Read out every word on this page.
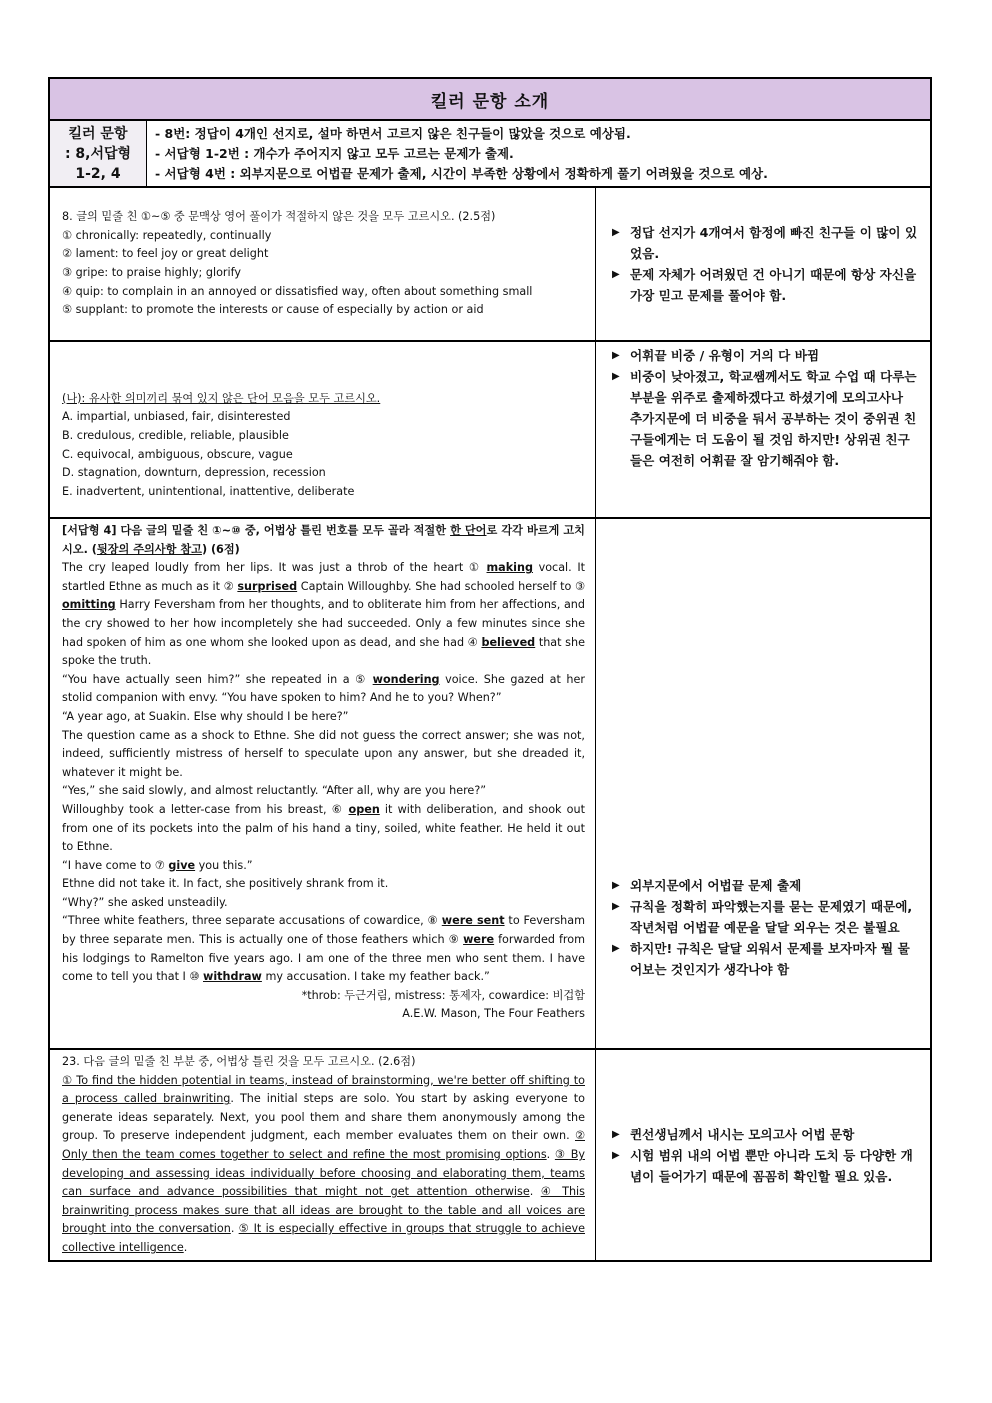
킬러 문항 소개
킬러 문항
: 8,서답형
1-2, 4

- 8번: 정답이 4개인 선지로, 설마 하면서 고르지 않은 친구들이 많았을 것으로 예상됨.

- 서답형 1-2번 : 개수가 주어지지 않고 모두 고르는 문제가 출제.

- 서답형 4번 : 외부지문으로 어법끝 문제가 출제, 시간이 부족한 상황에서 정확하게 풀기 어려웠을 것으로 예상.

8. 글의 밑줄 친 ①~⑤ 중 문맥상 영어 풀이가 적절하지 않은 것을 모두 고르시오. (2.5점)

① chronically: repeatedly, continually

② lament: to feel joy or great delight

③ gripe: to praise highly; glorify

④ quip: to complain in an annoyed or dissatisfied way, often about something small

⑤ supplant: to promote the interests or cause of especially by action or aid

▶ 정답 선지가 4개여서 함정에 빠진 친구들 이 많이 있었음.
▶ 문제 자체가 어려웠던 건 아니기 때문에 항상 자신을 가장 믿고 문제를 풀어야 함.

(나): 유사한 의미끼리 묶여 있지 않은 단어 모음을 모두 고르시오.

A. impartial, unbiased, fair, disinterested

B. credulous, credible, reliable, plausible

C. equivocal, ambiguous, obscure, vague

D. stagnation, downturn, depression, recession

E. inadvertent, unintentional, inattentive, deliberate

▶ 어휘끝 비중 / 유형이 거의 다 바뀜
▶ 비중이 낮아졌고, 학교쌤께서도 학교 수업 때 다루는 부분을 위주로 출제하겠다고 하셨기에 모의고사나 추가지문에 더 비중을 둬서 공부하는 것이 중위권 친구들에게는 더 도움이 될 것임 하지만! 상위권 친구들은 여전히 어휘끝 잘 암기해줘야 함.

[서답형 4] 다음 글의 밑줄 친 ①~⑩ 중, 어법상 틀린 번호를 모두 골라 적절한 한 단어로 각각 바르게 고치시오. (뒷장의 주의사항 참고) (6점)

The cry leaped loudly from her lips. It was just a throb of the heart ① making vocal. It startled Ethne as much as it ② surprised Captain Willoughby. She had schooled herself to ③ omitting Harry Feversham from her thoughts, and to obliterate him from her affections, and the cry showed to her how incompletely she had succeeded. Only a few minutes since she had spoken of him as one whom she looked upon as dead, and she had ④ believed that she spoke the truth.

“You have actually seen him?” she repeated in a ⑤ wondering voice. She gazed at her stolid companion with envy. “You have spoken to him? And he to you? When?”

“A year ago, at Suakin. Else why should I be here?”

The question came as a shock to Ethne. She did not guess the correct answer; she was not, indeed, sufficiently mistress of herself to speculate upon any answer, but she dreaded it, whatever it might be.

“Yes,” she said slowly, and almost reluctantly. “After all, why are you here?”

Willoughby took a letter-case from his breast, ⑥ open it with deliberation, and shook out from one of its pockets into the palm of his hand a tiny, soiled, white feather. He held it out to Ethne.

“I have come to ⑦ give you this.”

Ethne did not take it. In fact, she positively shrank from it.

“Why?” she asked unsteadily.

“Three white feathers, three separate accusations of cowardice, ⑧ were sent to Feversham by three separate men. This is actually one of those feathers which ⑨ were forwarded from his lodgings to Ramelton five years ago. I am one of the three men who sent them. I have come to tell you that I ⑩ withdraw my accusation. I take my feather back.”

*throb: 두근거림, mistress: 통제자, cowardice: 비겁함

A.E.W. Mason, The Four Feathers

▶ 외부지문에서 어법끝 문제 출제
▶ 규칙을 정확히 파악했는지를 묻는 문제였기 때문에, 작년처럼 어법끝 예문을 달달 외우는 것은 불필요
▶ 하지만! 규칙은 달달 외워서 문제를 보자마자 뭘 물어보는 것인지가 생각나야 함

23. 다음 글의 밑줄 친 부분 중, 어법상 틀린 것을 모두 고르시오. (2.6점)

① To find the hidden potential in teams, instead of brainstorming, we're better off shifting to a process called brainwriting. The initial steps are solo. You start by asking everyone to generate ideas separately. Next, you pool them and share them anonymously among the group. To preserve independent judgment, each member evaluates them on their own. ② Only then the team comes together to select and refine the most promising options. ③ By developing and assessing ideas individually before choosing and elaborating them, teams can surface and advance possibilities that might not get attention otherwise. ④ This brainwriting process makes sure that all ideas are brought to the table and all voices are brought into the conversation. ⑤ It is especially effective in groups that struggle to achieve collective intelligence.

▶ 퀸선생님께서 내시는 모의고사 어법 문항
▶ 시험 범위 내의 어법 뿐만 아니라 도치 등 다양한 개념이 들어가기 때문에 꼼꼼히 확인할 필요 있음.
